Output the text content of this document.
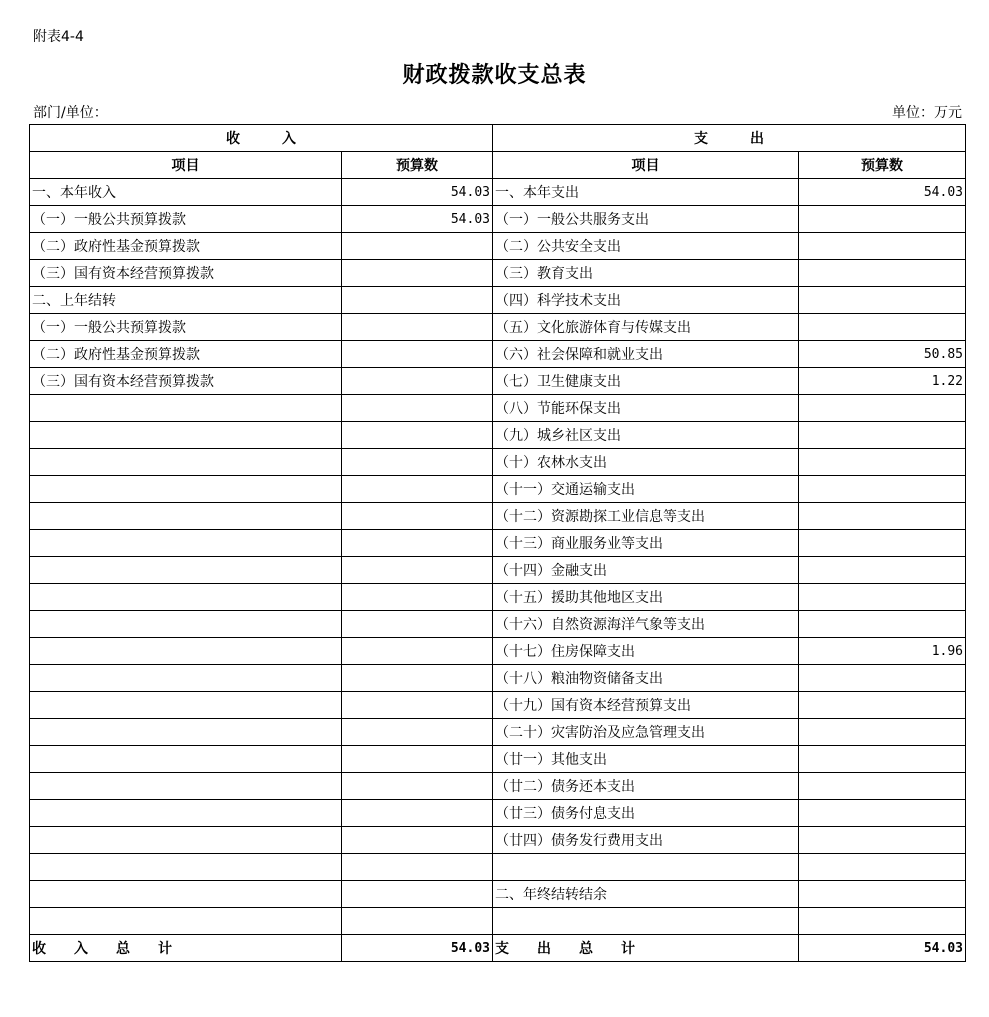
附表4-4
财政拨款收支总表
部门/单位：	单位：万元
收　　　入		支　　　出	
项目	预算数	项目	预算数
一、本年收入	54.03	一、本年支出	54.03
（一）一般公共预算拨款	54.03	（一）一般公共服务支出	
（二）政府性基金预算拨款		（二）公共安全支出	
（三）国有资本经营预算拨款		（三）教育支出	
二、上年结转		（四）科学技术支出	
（一）一般公共预算拨款		（五）文化旅游体育与传媒支出	
（二）政府性基金预算拨款		（六）社会保障和就业支出	50.85
（三）国有资本经营预算拨款		（七）卫生健康支出	1.22
		（八）节能环保支出	
		（九）城乡社区支出	
		（十）农林水支出	
		（十一）交通运输支出	
		（十二）资源勘探工业信息等支出	
		（十三）商业服务业等支出	
		（十四）金融支出	
		（十五）援助其他地区支出	
		（十六）自然资源海洋气象等支出	
		（十七）住房保障支出	1.96
		（十八）粮油物资储备支出	
		（十九）国有资本经营预算支出	
		（二十）灾害防治及应急管理支出	
		（廿一）其他支出	
		（廿二）债务还本支出	
		（廿三）债务付息支出	
		（廿四）债务发行费用支出	

		二、年终结转结余	

收　　入　　总　　计	54.03	支　　出　　总　　计	54.03
